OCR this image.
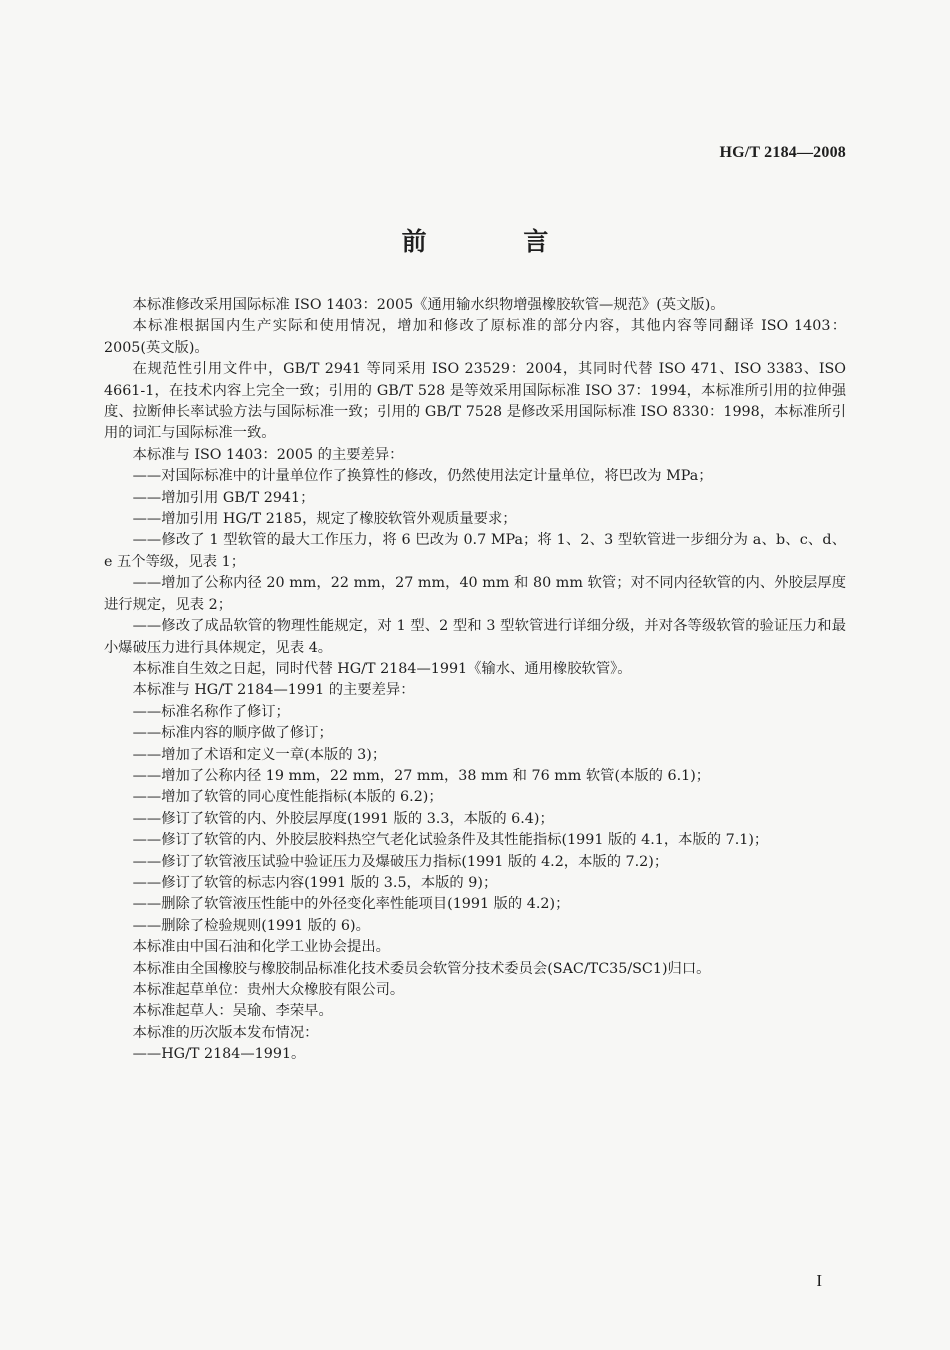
HG/T 2184—2008
前 言

本标准修改采用国际标准 ISO 1403：2005《通用输水织物增强橡胶软管—规范》(英文版)。

本标准根据国内生产实际和使用情况，增加和修改了原标准的部分内容，其他内容等同翻译 ISO 1403：2005(英文版)。

在规范性引用文件中，GB/T 2941 等同采用 ISO 23529：2004，其同时代替 ISO 471、ISO 3383、ISO 4661-1，在技术内容上完全一致；引用的 GB/T 528 是等效采用国际标准 ISO 37：1994，本标准所引用的拉伸强度、拉断伸长率试验方法与国际标准一致；引用的 GB/T 7528 是修改采用国际标准 ISO 8330：1998，本标准所引用的词汇与国际标准一致。

本标准与 ISO 1403：2005 的主要差异：

——对国际标准中的计量单位作了换算性的修改，仍然使用法定计量单位，将巴改为 MPa；

——增加引用 GB/T 2941；

——增加引用 HG/T 2185，规定了橡胶软管外观质量要求；

——修改了 1 型软管的最大工作压力，将 6 巴改为 0.7 MPa；将 1、2、3 型软管进一步细分为 a、b、c、d、e 五个等级，见表 1；

——增加了公称内径 20 mm，22 mm，27 mm，40 mm 和 80 mm 软管；对不同内径软管的内、外胶层厚度进行规定，见表 2；

——修改了成品软管的物理性能规定，对 1 型、2 型和 3 型软管进行详细分级，并对各等级软管的验证压力和最小爆破压力进行具体规定，见表 4。

本标准自生效之日起，同时代替 HG/T 2184—1991《输水、通用橡胶软管》。

本标准与 HG/T 2184—1991 的主要差异：

——标准名称作了修订；

——标准内容的顺序做了修订；

——增加了术语和定义一章(本版的 3)；

——增加了公称内径 19 mm，22 mm，27 mm，38 mm 和 76 mm 软管(本版的 6.1)；

——增加了软管的同心度性能指标(本版的 6.2)；

——修订了软管的内、外胶层厚度(1991 版的 3.3，本版的 6.4)；

——修订了软管的内、外胶层胶料热空气老化试验条件及其性能指标(1991 版的 4.1，本版的 7.1)；

——修订了软管液压试验中验证压力及爆破压力指标(1991 版的 4.2，本版的 7.2)；

——修订了软管的标志内容(1991 版的 3.5，本版的 9)；

——删除了软管液压性能中的外径变化率性能项目(1991 版的 4.2)；

——删除了检验规则(1991 版的 6)。

本标准由中国石油和化学工业协会提出。

本标准由全国橡胶与橡胶制品标准化技术委员会软管分技术委员会(SAC/TC35/SC1)归口。

本标准起草单位：贵州大众橡胶有限公司。

本标准起草人：吴瑜、李荣早。

本标准的历次版本发布情况：

——HG/T 2184—1991。

I
